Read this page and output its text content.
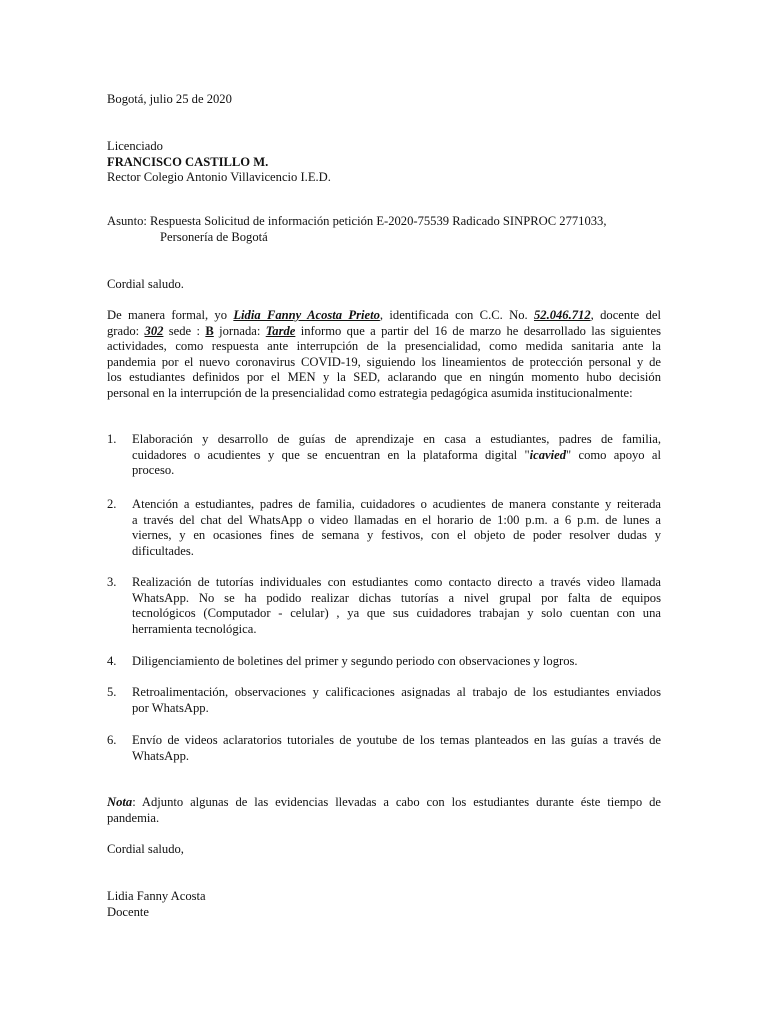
Bogotá, julio 25 de 2020
Licenciado
FRANCISCO CASTILLO M.
Rector Colegio Antonio Villavicencio I.E.D.
Asunto: Respuesta Solicitud de información petición E-2020-75539 Radicado SINPROC 2771033,
Personería de Bogotá
Cordial saludo.
De manera formal, yo Lidia Fanny Acosta Prieto, identificada con C.C. No. 52.046.712, docente del
grado: 302 sede : B jornada: Tarde informo que a partir del 16 de marzo he desarrollado las siguientes
actividades, como respuesta ante interrupción de la presencialidad, como medida sanitaria ante la
pandemia por el nuevo coronavirus COVID-19, siguiendo los lineamientos de protección personal y de
los estudiantes definidos por el MEN y la SED, aclarando que en ningún momento hubo decisión
personal en la interrupción de la presencialidad como estrategia pedagógica asumida institucionalmente:
1. Elaboración y desarrollo de guías de aprendizaje en casa a estudiantes, padres de familia,
cuidadores o acudientes y que se encuentran en la plataforma digital "icavied" como apoyo al
proceso.
2. Atención a estudiantes, padres de familia, cuidadores o acudientes de manera constante y reiterada
a través del chat del WhatsApp o video llamadas en el horario de 1:00 p.m. a 6 p.m. de lunes a
viernes, y en ocasiones fines de semana y festivos, con el objeto de poder resolver dudas y
dificultades.
3. Realización de tutorías individuales con estudiantes como contacto directo a través video llamada
WhatsApp. No se ha podido realizar dichas tutorías a nivel grupal por falta de equipos
tecnológicos (Computador - celular) , ya que sus cuidadores trabajan y solo cuentan con una
herramienta tecnológica.
4. Diligenciamiento de boletines del primer y segundo periodo con observaciones y logros.
5. Retroalimentación, observaciones y calificaciones asignadas al trabajo de los estudiantes enviados
por WhatsApp.
6. Envío de videos aclaratorios tutoriales de youtube de los temas planteados en las guías a través de
WhatsApp.
Nota: Adjunto algunas de las evidencias llevadas a cabo con los estudiantes durante éste tiempo de
pandemia.
Cordial saludo,
Lidia Fanny Acosta
Docente
